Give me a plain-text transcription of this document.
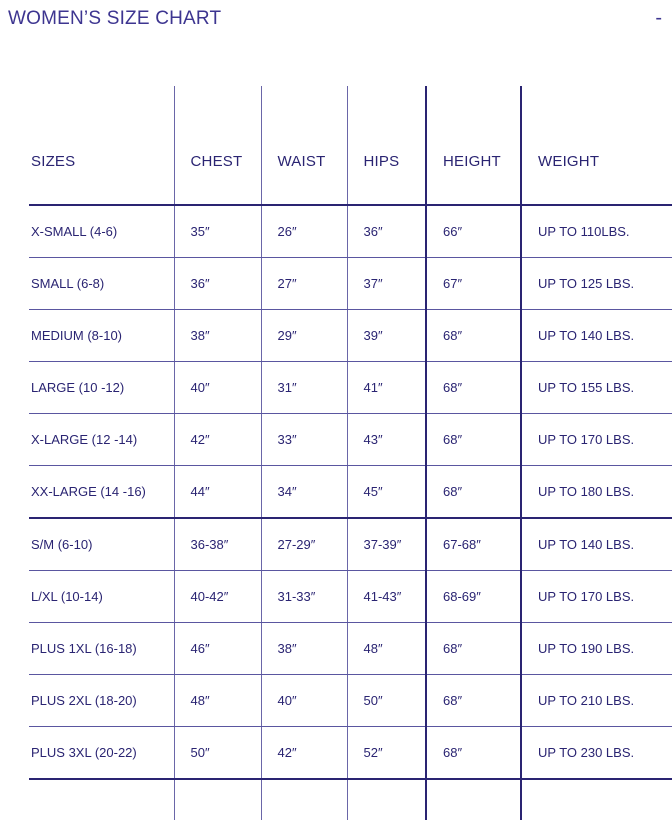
WOMEN’S SIZE CHART	-

SIZES	CHEST	WAIST	HIPS	HEIGHT	WEIGHT
X-SMALL (4-6)	35″	26″	36″	66″	UP TO 110LBS.
SMALL (6-8)	36″	27″	37″	67″	UP TO 125 LBS.
MEDIUM (8-10)	38″	29″	39″	68″	UP TO 140 LBS.
LARGE (10 -12)	40″	31″	41″	68″	UP TO 155 LBS.
X-LARGE (12 -14)	42″	33″	43″	68″	UP TO 170 LBS.
XX-LARGE (14 -16)	44″	34″	45″	68″	UP TO 180 LBS.
S/M (6-10)	36-38″	27-29″	37-39″	67-68″	UP TO 140 LBS.
L/XL (10-14)	40-42″	31-33″	41-43″	68-69″	UP TO 170 LBS.
PLUS 1XL (16-18)	46″	38″	48″	68″	UP TO 190 LBS.
PLUS 2XL (18-20)	48″	40″	50″	68″	UP TO 210 LBS.
PLUS 3XL (20-22)	50″	42″	52″	68″	UP TO 230 LBS.
